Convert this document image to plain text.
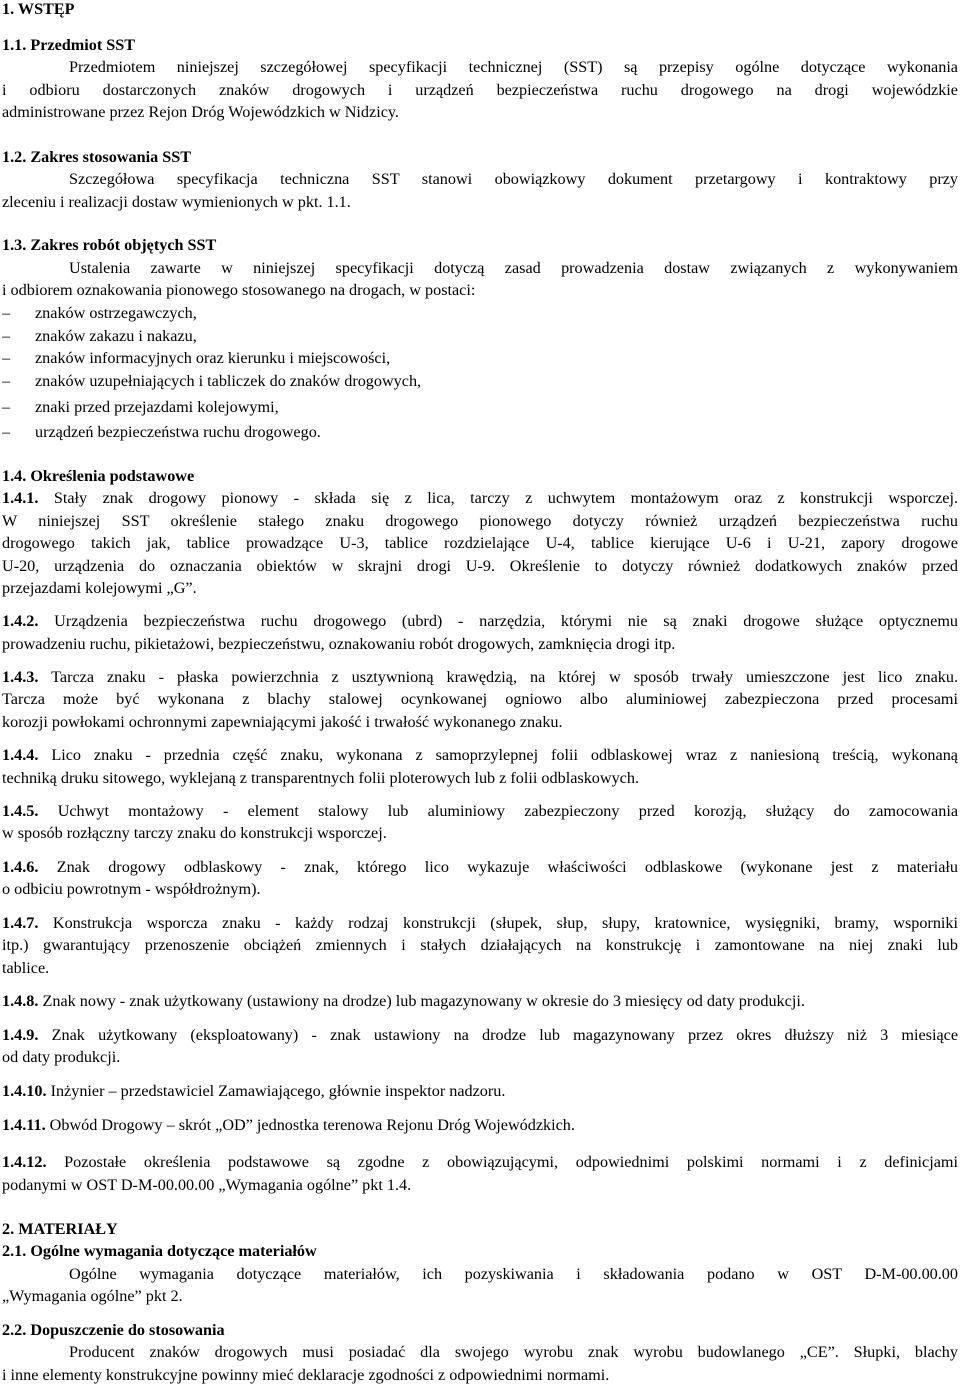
1. WSTĘP
1.1. Przedmiot SST
Przedmiotem niniejszej szczegółowej specyfikacji technicznej (SST) są przepisy ogólne dotyczące wykonania
i odbioru dostarczonych znaków drogowych i urządzeń bezpieczeństwa ruchu drogowego na drogi wojewódzkie
administrowane przez Rejon Dróg Wojewódzkich w Nidzicy.
1.2. Zakres stosowania SST
Szczegółowa specyfikacja techniczna SST stanowi obowiązkowy dokument przetargowy i kontraktowy przy
zleceniu i realizacji dostaw wymienionych w pkt. 1.1.
1.3. Zakres robót objętych SST
Ustalenia zawarte w niniejszej specyfikacji dotyczą zasad prowadzenia dostaw związanych z wykonywaniem
i odbiorem oznakowania pionowego stosowanego na drogach, w postaci:
– znaków ostrzegawczych,
– znaków zakazu i nakazu,
– znaków informacyjnych oraz kierunku i miejscowości,
– znaków uzupełniających i tabliczek do znaków drogowych,
– znaki przed przejazdami kolejowymi,
– urządzeń bezpieczeństwa ruchu drogowego.
1.4. Określenia podstawowe
1.4.1. Stały znak drogowy pionowy - składa się z lica, tarczy z uchwytem montażowym oraz z konstrukcji wsporczej.
W niniejszej SST określenie stałego znaku drogowego pionowego dotyczy również urządzeń bezpieczeństwa ruchu
drogowego takich jak, tablice prowadzące U-3, tablice rozdzielające U-4, tablice kierujące U-6 i U-21, zapory drogowe
U-20, urządzenia do oznaczania obiektów w skrajni drogi U-9. Określenie to dotyczy również dodatkowych znaków przed
przejazdami kolejowymi „G”.
1.4.2. Urządzenia bezpieczeństwa ruchu drogowego (ubrd) - narzędzia, którymi nie są znaki drogowe służące optycznemu
prowadzeniu ruchu, pikietażowi, bezpieczeństwu, oznakowaniu robót drogowych, zamknięcia drogi itp.
1.4.3. Tarcza znaku - płaska powierzchnia z usztywnioną krawędzią, na której w sposób trwały umieszczone jest lico znaku.
Tarcza może być wykonana z blachy stalowej ocynkowanej ogniowo albo aluminiowej zabezpieczona przed procesami
korozji powłokami ochronnymi zapewniającymi jakość i trwałość wykonanego znaku.
1.4.4. Lico znaku - przednia część znaku, wykonana z samoprzylepnej folii odblaskowej wraz z naniesioną treścią, wykonaną
techniką druku sitowego, wyklejaną z transparentnych folii ploterowych lub z folii odblaskowych.
1.4.5. Uchwyt montażowy - element stalowy lub aluminiowy zabezpieczony przed korozją, służący do zamocowania
w sposób rozłączny tarczy znaku do konstrukcji wsporczej.
1.4.6. Znak drogowy odblaskowy - znak, którego lico wykazuje właściwości odblaskowe (wykonane jest z materiału
o odbiciu powrotnym - współdrożnym).
1.4.7. Konstrukcja wsporcza znaku - każdy rodzaj konstrukcji (słupek, słup, słupy, kratownice, wysięgniki, bramy, wsporniki
itp.) gwarantujący przenoszenie obciążeń zmiennych i stałych działających na konstrukcję i zamontowane na niej znaki lub
tablice.
1.4.8. Znak nowy - znak użytkowany (ustawiony na drodze) lub magazynowany w okresie do 3 miesięcy od daty produkcji.
1.4.9. Znak użytkowany (eksploatowany) - znak ustawiony na drodze lub magazynowany przez okres dłuższy niż 3 miesiące
od daty produkcji.
1.4.10. Inżynier – przedstawiciel Zamawiającego, głównie inspektor nadzoru.
1.4.11. Obwód Drogowy – skrót „OD” jednostka terenowa Rejonu Dróg Wojewódzkich.
1.4.12. Pozostałe określenia podstawowe są zgodne z obowiązującymi, odpowiednimi polskimi normami i z definicjami
podanymi w OST D-M-00.00.00 „Wymagania ogólne” pkt 1.4.
2. MATERIAŁY
2.1. Ogólne wymagania dotyczące materiałów
Ogólne wymagania dotyczące materiałów, ich pozyskiwania i składowania podano w OST D-M-00.00.00
„Wymagania ogólne” pkt 2.
2.2. Dopuszczenie do stosowania
Producent znaków drogowych musi posiadać dla swojego wyrobu znak wyrobu budowlanego „CE”. Słupki, blachy
i inne elementy konstrukcyjne powinny mieć deklaracje zgodności z odpowiednimi normami.
